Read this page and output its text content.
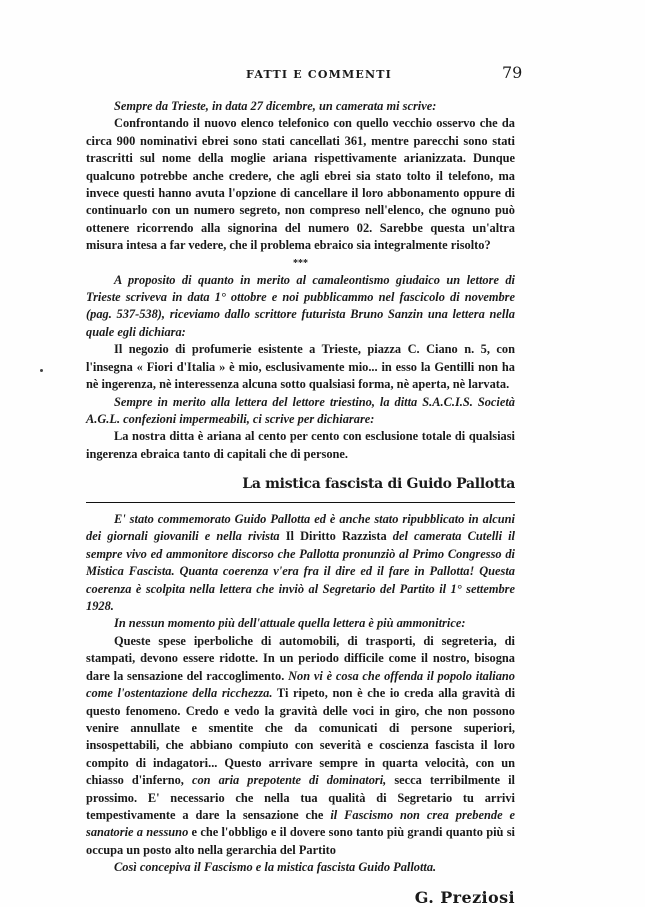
FATTI E COMMENTI	79

Sempre da Trieste, in data 27 dicembre, un camerata mi scrive:

Confrontando il nuovo elenco telefonico con quello vecchio osservo che da circa 900 nominativi ebrei sono stati cancellati 361, mentre parecchi sono stati trascritti sul nome della moglie ariana rispettivamente arianizzata. Dunque qualcuno potrebbe anche credere, che agli ebrei sia stato tolto il telefono, ma invece questi hanno avuta l'opzione di cancellare il loro abbonamento oppure di continuarlo con un numero segreto, non compreso nell'elenco, che ognuno può ottenere ricorrendo alla signorina del numero 02. Sarebbe questa un'altra misura intesa a far vedere, che il problema ebraico sia integralmente risolto?

***

A proposito di quanto in merito al camaleontismo giudaico un lettore di Trieste scriveva in data 1° ottobre e noi pubblicammo nel fascicolo di novembre (pag. 537-538), riceviamo dallo scrittore futurista Bruno Sanzin una lettera nella quale egli dichiara:

Il negozio di profumerie esistente a Trieste, piazza C. Ciano n. 5, con l'insegna « Fiori d'Italia » è mio, esclusivamente mio... in esso la Gentilli non ha nè ingerenza, nè interessenza alcuna sotto qualsiasi forma, nè aperta, nè larvata.

Sempre in merito alla lettera del lettore triestino, la ditta S.A.C.I.S. Società A.G.L. confezioni impermeabili, ci scrive per dichiarare:

La nostra ditta è ariana al cento per cento con esclusione totale di qualsiasi ingerenza ebraica tanto di capitali che di persone.

La mistica fascista di Guido Pallotta

E' stato commemorato Guido Pallotta ed è anche stato ripubblicato in alcuni dei giornali giovanili e nella rivista Il Diritto Razzista del camerata Cutelli il sempre vivo ed ammonitore discorso che Pallotta pronunziò al Primo Congresso di Mistica Fascista. Quanta coerenza v'era fra il dire ed il fare in Pallotta! Questa coerenza è scolpita nella lettera che inviò al Segretario del Partito il 1° settembre 1928.

In nessun momento più dell'attuale quella lettera è più ammonitrice:

Queste spese iperboliche di automobili, di trasporti, di segreteria, di stampati, devono essere ridotte. In un periodo difficile come il nostro, bisogna dare la sensazione del raccoglimento. Non vi è cosa che offenda il popolo italiano come l'ostentazione della ricchezza. Ti ripeto, non è che io creda alla gravità di questo fenomeno. Credo e vedo la gravità delle voci in giro, che non possono venire annullate e smentite che da comunicati di persone superiori, insospettabili, che abbiano compiuto con severità e coscienza fascista il loro compito di indagatori... Questo arrivare sempre in quarta velocità, con un chiasso d'inferno, con aria prepotente di dominatori, secca terribilmente il prossimo. E' necessario che nella tua qualità di Segretario tu arrivi tempestivamente a dare la sensazione che il Fascismo non crea prebende e sanatorie a nessuno e che l'obbligo e il dovere sono tanto più grandi quanto più si occupa un posto alto nella gerarchia del Partito

Così concepiva il Fascismo e la mistica fascista Guido Pallotta.

G. Preziosi
